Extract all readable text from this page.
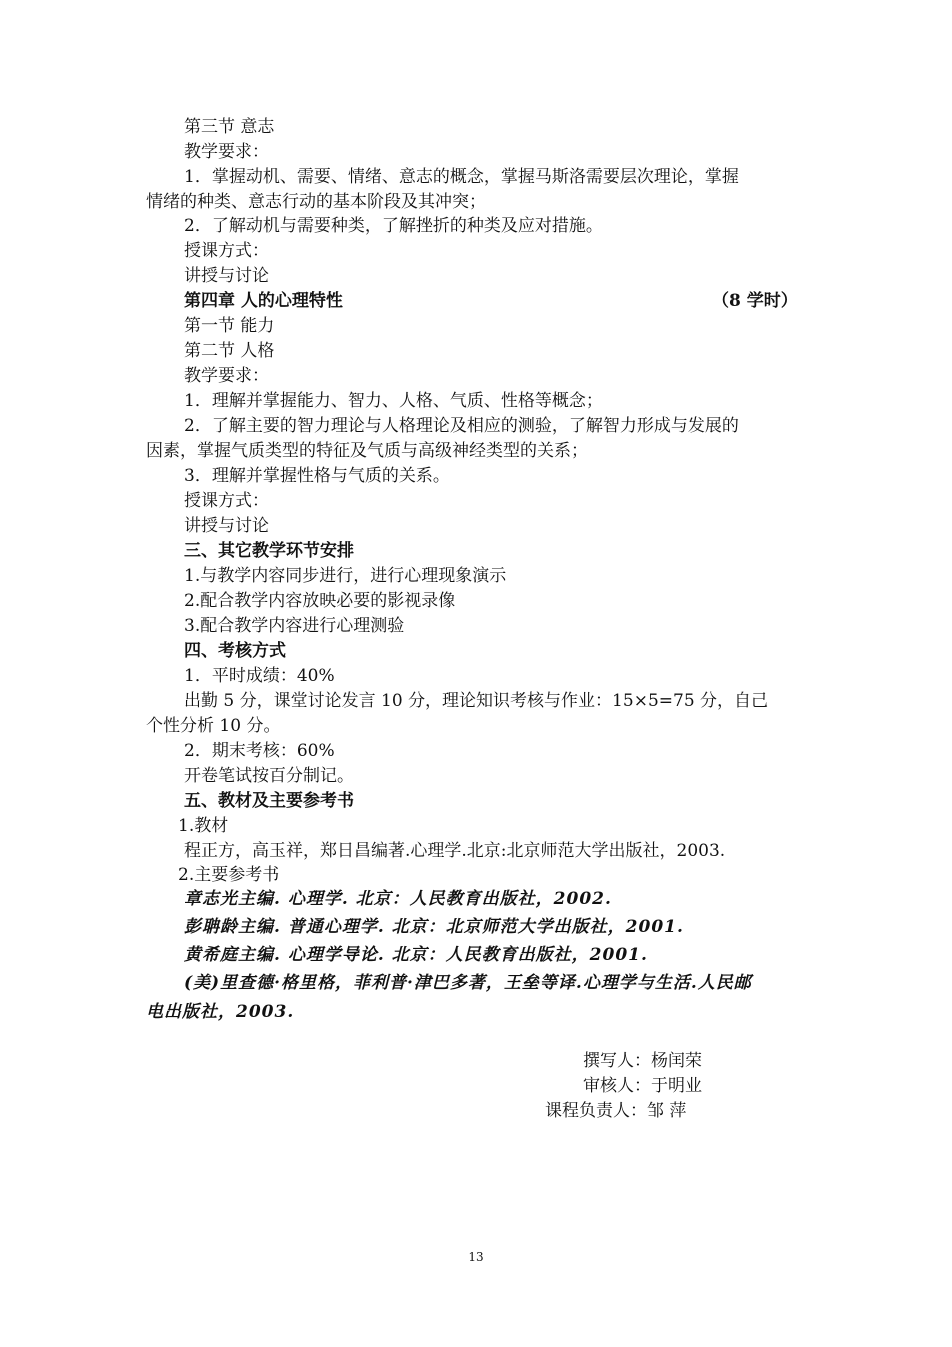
第三节 意志
教学要求：
1．掌握动机、需要、情绪、意志的概念，掌握马斯洛需要层次理论，掌握
情绪的种类、意志行动的基本阶段及其冲突；
2．了解动机与需要种类，了解挫折的种类及应对措施。
授课方式：
讲授与讨论
第四章 人的心理特性	（8 学时）
第一节 能力
第二节 人格
教学要求：
1．理解并掌握能力、智力、人格、气质、性格等概念；
2．了解主要的智力理论与人格理论及相应的测验，了解智力形成与发展的
因素，掌握气质类型的特征及气质与高级神经类型的关系；
3．理解并掌握性格与气质的关系。
授课方式：
讲授与讨论
三、其它教学环节安排
1.与教学内容同步进行，进行心理现象演示
2.配合教学内容放映必要的影视录像
3.配合教学内容进行心理测验
四、考核方式
1．平时成绩：40%
出勤 5 分，课堂讨论发言 10 分，理论知识考核与作业：15×5=75 分，自己
个性分析 10 分。
2．期末考核：60%
开卷笔试按百分制记。
五、教材及主要参考书
1.教材
程正方，高玉祥，郑日昌编著.心理学.北京:北京师范大学出版社，2003.
2.主要参考书
章志光主编. 心理学. 北京：人民教育出版社，2002.
彭聃龄主编. 普通心理学. 北京：北京师范大学出版社，2001.
黄希庭主编. 心理学导论. 北京：人民教育出版社，2001.
(美)里查德·格里格，菲利普·津巴多著，王垒等译.心理学与生活.人民邮
电出版社，2003.
撰写人：杨闰荣
审核人：于明业
课程负责人：邹 萍
13
